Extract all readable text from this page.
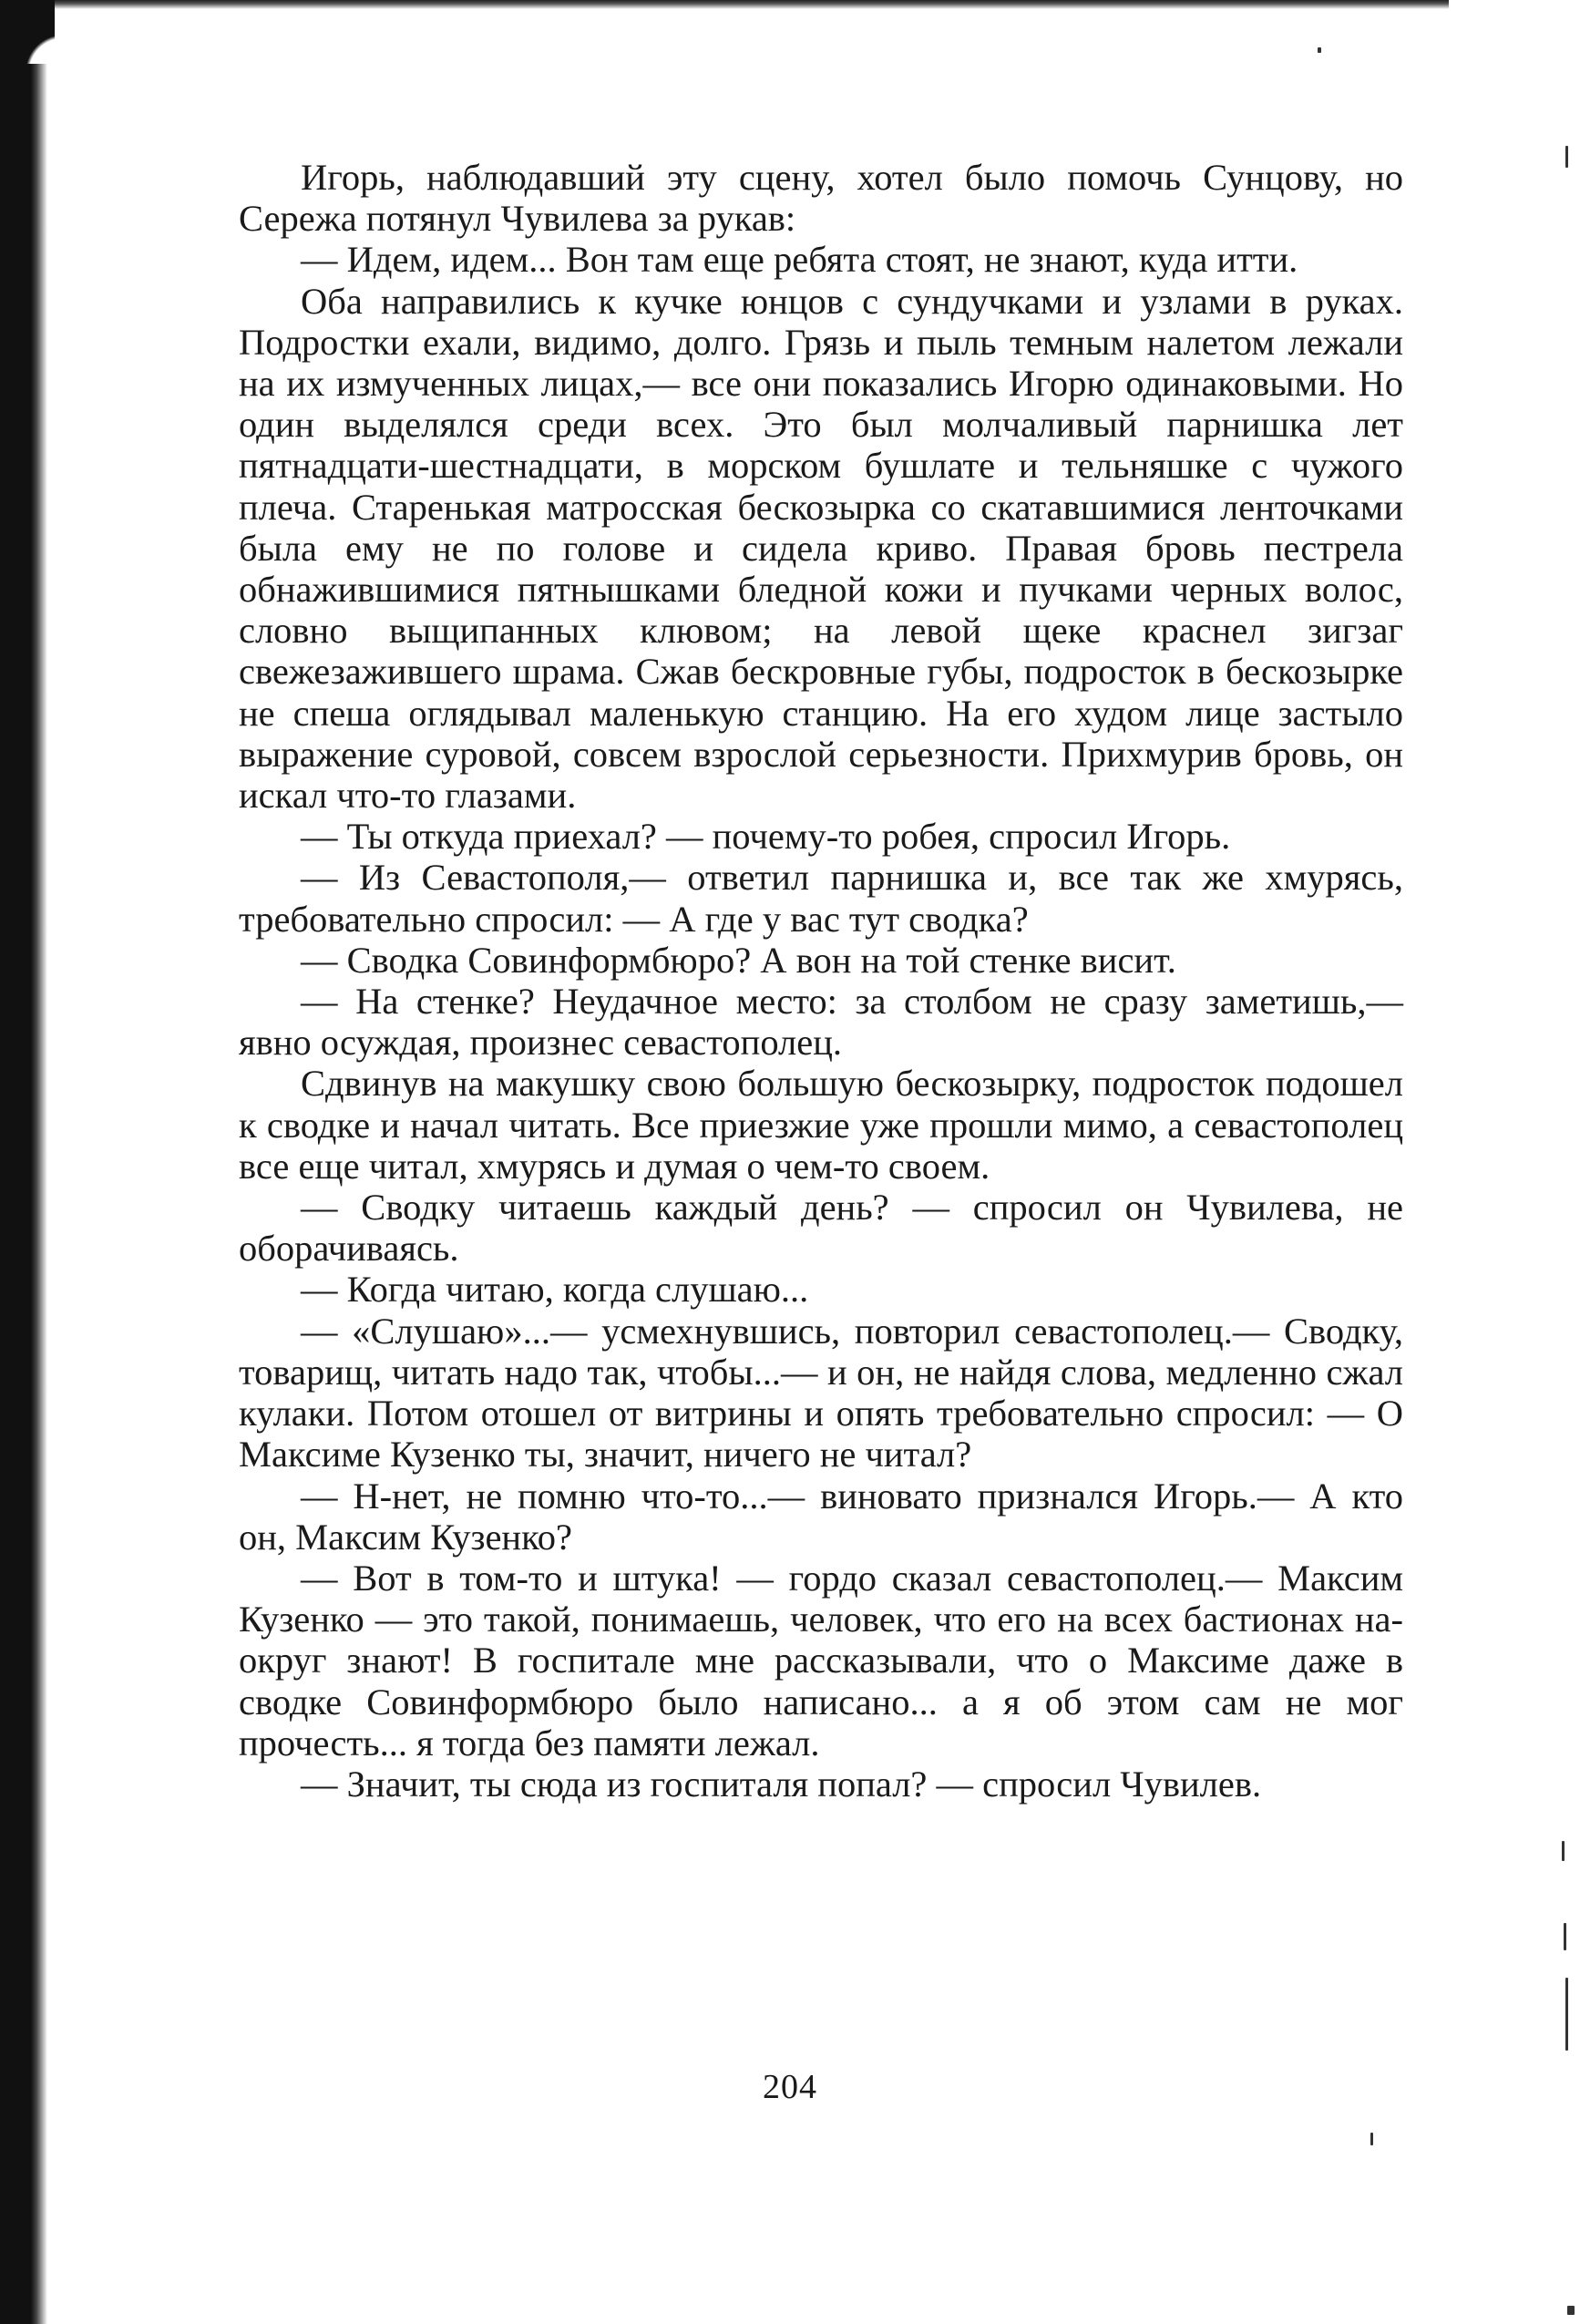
Игорь, наблюдавший эту сцену, хотел было помочь Сунцову, но Сережа потянул Чувилева за рукав:

— Идем, идем... Вон там еще ребята стоят, не знают, куда итти.

Оба направились к кучке юнцов с сундучками и узлами в руках. Подростки ехали, видимо, долго. Грязь и пыль темным налетом лежали на их измученных лицах,— все они показались Игорю одинаковыми. Но один выделялся среди всех. Это был молчаливый парнишка лет пятнадцати-шестнадцати, в морском бушлате и тельняшке с чужого плеча. Старенькая матросская бескозырка со скатавшимися ленточками была ему не по голове и сидела криво. Правая бровь пестрела обнажившимися пятнышками бледной кожи и пучками черных волос, словно выщипанных клювом; на левой щеке краснел зигзаг свежезажившего шрама. Сжав бескровные губы, подросток в бескозырке не спеша оглядывал маленькую станцию. На его худом лице застыло выражение суровой, совсем взрослой серьезности. Прихмурив бровь, он искал что-то глазами.

— Ты откуда приехал? — почему-то робея, спросил Игорь.

— Из Севастополя,— ответил парнишка и, все так же хмурясь, требовательно спросил: — А где у вас тут сводка?

— Сводка Совинформбюро? А вон на той стенке висит.

— На стенке? Неудачное место: за столбом не сразу заметишь,— явно осуждая, произнес севастополец.

Сдвинув на макушку свою большую бескозырку, подросток подошел к сводке и начал читать. Все приезжие уже прошли мимо, а севастополец все еще читал, хмурясь и думая о чем-то своем.

— Сводку читаешь каждый день? — спросил он Чувилева, не оборачиваясь.

— Когда читаю, когда слушаю...

— «Слушаю»...— усмехнувшись, повторил севастополец.— Сводку, товарищ, читать надо так, чтобы...— и он, не найдя слова, медленно сжал кулаки. Потом отошел от витрины и опять требовательно спросил: — О Максиме Кузенко ты, значит, ничего не читал?

— Н-нет, не помню что-то...— виновато признался Игорь.— А кто он, Максим Кузенко?

— Вот в том-то и штука! — гордо сказал севастополец.— Максим Кузенко — это такой, понимаешь, человек, что его на всех бастионах на-округ знают! В госпитале мне рассказывали, что о Максиме даже в сводке Совинформбюро было написано... а я об этом сам не мог прочесть... я тогда без памяти лежал.

— Значит, ты сюда из госпиталя попал? — спросил Чувилев.

204
